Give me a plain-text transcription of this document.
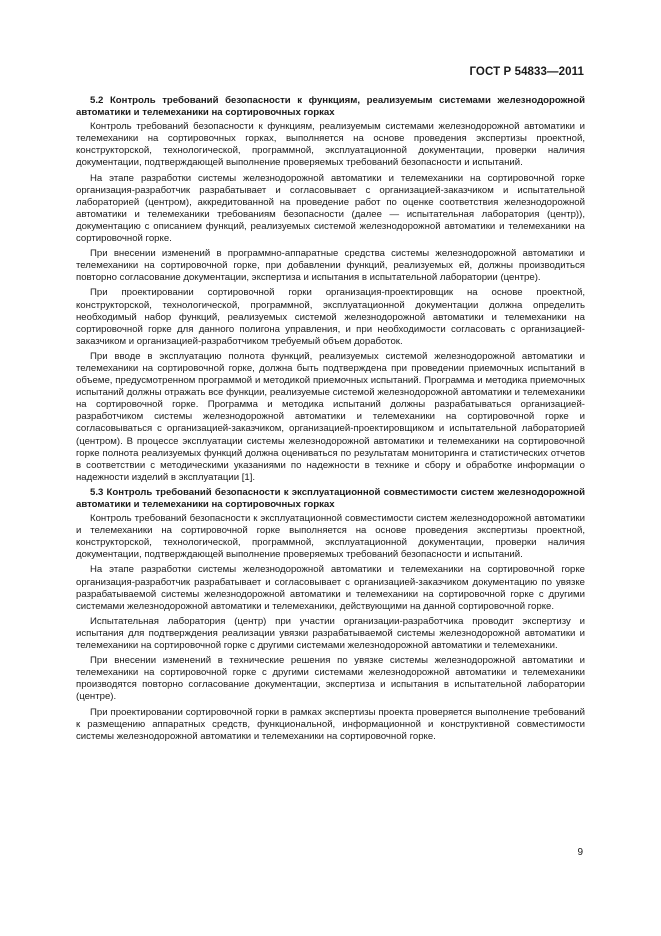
ГОСТ Р 54833—2011

5.2 Контроль требований безопасности к функциям, реализуемым системами железнодорожной автоматики и телемеханики на сортировочных горках

Контроль требований безопасности к функциям, реализуемым системами железнодорожной автоматики и телемеханики на сортировочных горках, выполняется на основе проведения экспертизы проектной, конструкторской, технологической, программной, эксплуатационной документации, проверки наличия документации, подтверждающей выполнение проверяемых требований безопасности и испытаний.

На этапе разработки системы железнодорожной автоматики и телемеханики на сортировочной горке организация-разработчик разрабатывает и согласовывает с организацией-заказчиком и испытательной лабораторией (центром), аккредитованной на проведение работ по оценке соответствия железнодорожной автоматики и телемеханики требованиям безопасности (далее — испытательная лаборатория (центр)), документацию с описанием функций, реализуемых системой железнодорожной автоматики и телемеханики на сортировочной горке.

При внесении изменений в программно-аппаратные средства системы железнодорожной автоматики и телемеханики на сортировочной горке, при добавлении функций, реализуемых ей, должны производиться повторно согласование документации, экспертиза и испытания в испытательной лаборатории (центре).

При проектировании сортировочной горки организация-проектировщик на основе проектной, конструкторской, технологической, программной, эксплуатационной документации должна определить необходимый набор функций, реализуемых системой железнодорожной автоматики и телемеханики на сортировочной горке для данного полигона управления, и при необходимости согласовать с организацией-заказчиком и организацией-разработчиком требуемый объем доработок.

При вводе в эксплуатацию полнота функций, реализуемых системой железнодорожной автоматики и телемеханики на сортировочной горке, должна быть подтверждена при проведении приемочных испытаний в объеме, предусмотренном программой и методикой приемочных испытаний. Программа и методика приемочных испытаний должны отражать все функции, реализуемые системой железнодорожной автоматики и телемеханики на сортировочной горке. Программа и методика испытаний должны разрабатываться организацией-разработчиком системы железнодорожной автоматики и телемеханики на сортировочной горке и согласовываться с организацией-заказчиком, организацией-проектировщиком и испытательной лабораторией (центром). В процессе эксплуатации системы железнодорожной автоматики и телемеханики на сортировочной горке полнота реализуемых функций должна оцениваться по результатам мониторинга и статистических отчетов в соответствии с методическими указаниями по надежности в технике и сбору и обработке информации о надежности изделий в эксплуатации [1].

5.3 Контроль требований безопасности к эксплуатационной совместимости систем железнодорожной автоматики и телемеханики на сортировочных горках

Контроль требований безопасности к эксплуатационной совместимости систем железнодорожной автоматики и телемеханики на сортировочной горке выполняется на основе проведения экспертизы проектной, конструкторской, технологической, программной, эксплуатационной документации, проверки наличия документации, подтверждающей выполнение проверяемых требований безопасности и испытаний.

На этапе разработки системы железнодорожной автоматики и телемеханики на сортировочной горке организация-разработчик разрабатывает и согласовывает с организацией-заказчиком документацию по увязке разрабатываемой системы железнодорожной автоматики и телемеханики на сортировочной горке с другими системами железнодорожной автоматики и телемеханики, действующими на данной сортировочной горке.

Испытательная лаборатория (центр) при участии организации-разработчика проводит экспертизу и испытания для подтверждения реализации увязки разрабатываемой системы железнодорожной автоматики и телемеханики на сортировочной горке с другими системами железнодорожной автоматики и телемеханики.

При внесении изменений в технические решения по увязке системы железнодорожной автоматики и телемеханики на сортировочной горке с другими системами железнодорожной автоматики и телемеханики производятся повторно согласование документации, экспертиза и испытания в испытательной лаборатории (центре).

При проектировании сортировочной горки в рамках экспертизы проекта проверяется выполнение требований к размещению аппаратных средств, функциональной, информационной и конструктивной совместимости системы железнодорожной автоматики и телемеханики на сортировочной горке.

9
